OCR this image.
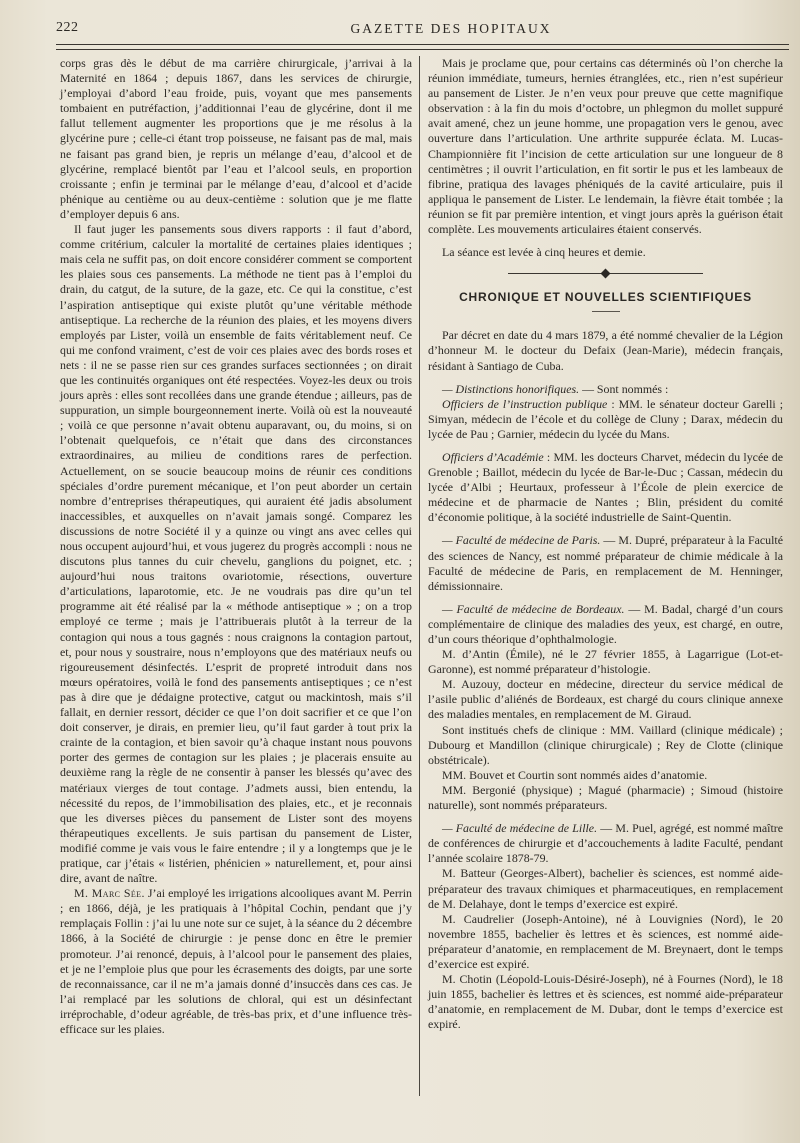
222	GAZETTE DES HOPITAUX

corps gras dès le début de ma carrière chirurgicale, j’arrivai à la Maternité en 1864 ; depuis 1867, dans les services de chirurgie, j’employai d’abord l’eau froide, puis, voyant que mes pansements tombaient en putréfaction, j’additionnai l’eau de glycérine, dont il me fallut tellement augmenter les proportions que je me résolus à la glycérine pure ; celle-ci étant trop poisseuse, ne faisant pas de mal, mais ne faisant pas grand bien, je repris un mélange d’eau, d’alcool et de glycérine, remplacé bientôt par l’eau et l’alcool seuls, en proportion croissante ; enfin je terminai par le mélange d’eau, d’alcool et d’acide phénique au centième ou au deux-centième : solution que je me flatte d’employer depuis 6 ans.

Il faut juger les pansements sous divers rapports : il faut d’abord, comme critérium, calculer la mortalité de certaines plaies identiques ; mais cela ne suffit pas, on doit encore considérer comment se comportent les plaies sous ces pansements. La méthode ne tient pas à l’emploi du drain, du catgut, de la suture, de la gaze, etc. Ce qui la constitue, c’est l’aspiration antiseptique qui existe plutôt qu’une véritable méthode antiseptique. La recherche de la réunion des plaies, et les moyens divers employés par Lister, voilà un ensemble de faits véritablement neuf. Ce qui me confond vraiment, c’est de voir ces plaies avec des bords roses et nets : il ne se passe rien sur ces grandes surfaces sectionnées ; on dirait que les continuités organiques ont été respectées. Voyez-les deux ou trois jours après : elles sont recollées dans une grande étendue ; ailleurs, pas de suppuration, un simple bourgeonnement inerte. Voilà où est la nouveauté ; voilà ce que personne n’avait obtenu auparavant, ou, du moins, si on l’obtenait quelquefois, ce n’était que dans des circonstances extraordinaires, au milieu de conditions rares de perfection. Actuellement, on se soucie beaucoup moins de réunir ces conditions spéciales d’ordre purement mécanique, et l’on peut aborder un certain nombre d’entreprises thérapeutiques, qui auraient été jadis absolument inaccessibles, et auxquelles on n’avait jamais songé. Comparez les discussions de notre Société il y a quinze ou vingt ans avec celles qui nous occupent aujourd’hui, et vous jugerez du progrès accompli : nous ne discutons plus tannes du cuir chevelu, ganglions du poignet, etc. ; aujourd’hui nous traitons ovariotomie, résections, ouverture d’articulations, laparotomie, etc. Je ne voudrais pas dire qu’un tel programme ait été réalisé par la « méthode antiseptique » ; on a trop employé ce terme ; mais je l’attribuerais plutôt à la terreur de la contagion qui nous a tous gagnés : nous craignons la contagion partout, et, pour nous y soustraire, nous n’employons que des matériaux neufs ou rigoureusement désinfectés. L’esprit de propreté introduit dans nos mœurs opératoires, voilà le fond des pansements antiseptiques ; ce n’est pas à dire que je dédaigne protective, catgut ou mackintosh, mais s’il fallait, en dernier ressort, décider ce que l’on doit sacrifier et ce que l’on doit conserver, je dirais, en premier lieu, qu’il faut garder à tout prix la crainte de la contagion, et bien savoir qu’à chaque instant nous pouvons porter des germes de contagion sur les plaies ; je placerais ensuite au deuxième rang la règle de ne consentir à panser les blessés qu’avec des matériaux vierges de tout contage. J’admets aussi, bien entendu, la nécessité du repos, de l’immobilisation des plaies, etc., et je reconnais que les diverses pièces du pansement de Lister sont des moyens thérapeutiques excellents. Je suis partisan du pansement de Lister, modifié comme je vais vous le faire entendre ; il y a longtemps que je le pratique, car j’étais « listérien, phénicien » naturellement, et, pour ainsi dire, avant de naître.

M. Marc Sée. J’ai employé les irrigations alcooliques avant M. Perrin ; en 1866, déjà, je les pratiquais à l’hôpital Cochin, pendant que j’y remplaçais Follin : j’ai lu une note sur ce sujet, à la séance du 2 décembre 1866, à la Société de chirurgie : je pense donc en être le premier promoteur. J’ai renoncé, depuis, à l’alcool pour le pansement des plaies, et je ne l’emploie plus que pour les écrasements des doigts, par une sorte de reconnaissance, car il ne m’a jamais donné d’insuccès dans ces cas. Je l’ai remplacé par les solutions de chloral, qui est un désinfectant irréprochable, d’odeur agréable, de très-bas prix, et d’une influence très-efficace sur les plaies.

Mais je proclame que, pour certains cas déterminés où l’on cherche la réunion immédiate, tumeurs, hernies étranglées, etc., rien n’est supérieur au pansement de Lister. Je n’en veux pour preuve que cette magnifique observation : à la fin du mois d’octobre, un phlegmon du mollet suppuré avait amené, chez un jeune homme, une propagation vers le genou, avec ouverture dans l’articulation. Une arthrite suppurée éclata. M. Lucas-Championnière fit l’incision de cette articulation sur une longueur de 8 centimètres ; il ouvrit l’articulation, en fit sortir le pus et les lambeaux de fibrine, pratiqua des lavages phéniqués de la cavité articulaire, puis il appliqua le pansement de Lister. Le lendemain, la fièvre était tombée ; la réunion se fit par première intention, et vingt jours après la guérison était complète. Les mouvements articulaires étaient conservés.

La séance est levée à cinq heures et demie.

CHRONIQUE ET NOUVELLES SCIENTIFIQUES

Par décret en date du 4 mars 1879, a été nommé chevalier de la Légion d’honneur M. le docteur du Defaix (Jean-Marie), médecin français, résidant à Santiago de Cuba.

— Distinctions honorifiques. — Sont nommés :

Officiers de l’instruction publique : MM. le sénateur docteur Garelli ; Simyan, médecin de l’école et du collège de Cluny ; Darax, médecin du lycée de Pau ; Garnier, médecin du lycée du Mans.

Officiers d’Académie : MM. les docteurs Charvet, médecin du lycée de Grenoble ; Baillot, médecin du lycée de Bar-le-Duc ; Cassan, médecin du lycée d’Albi ; Heurtaux, professeur à l’École de plein exercice de médecine et de pharmacie de Nantes ; Blin, président du comité d’économie politique, à la société industrielle de Saint-Quentin.

— Faculté de médecine de Paris. — M. Dupré, préparateur à la Faculté des sciences de Nancy, est nommé préparateur de chimie médicale à la Faculté de médecine de Paris, en remplacement de M. Henninger, démissionnaire.

— Faculté de médecine de Bordeaux. — M. Badal, chargé d’un cours complémentaire de clinique des maladies des yeux, est chargé, en outre, d’un cours théorique d’ophthalmologie.

M. d’Antin (Émile), né le 27 février 1855, à Lagarrigue (Lot-et-Garonne), est nommé préparateur d’histologie.

M. Auzouy, docteur en médecine, directeur du service médical de l’asile public d’aliénés de Bordeaux, est chargé du cours clinique annexe des maladies mentales, en remplacement de M. Giraud.

Sont institués chefs de clinique : MM. Vaillard (clinique médicale) ; Dubourg et Mandillon (clinique chirurgicale) ; Rey de Clotte (clinique obstétricale).

MM. Bouvet et Courtin sont nommés aides d’anatomie.

MM. Bergonié (physique) ; Magué (pharmacie) ; Simoud (histoire naturelle), sont nommés préparateurs.

— Faculté de médecine de Lille. — M. Puel, agrégé, est nommé maître de conférences de chirurgie et d’accouchements à ladite Faculté, pendant l’année scolaire 1878-79.

M. Batteur (Georges-Albert), bachelier ès sciences, est nommé aide-préparateur des travaux chimiques et pharmaceutiques, en remplacement de M. Delahaye, dont le temps d’exercice est expiré.

M. Caudrelier (Joseph-Antoine), né à Louvignies (Nord), le 20 novembre 1855, bachelier ès lettres et ès sciences, est nommé aide-préparateur d’anatomie, en remplacement de M. Breynaert, dont le temps d’exercice est expiré.

M. Chotin (Léopold-Louis-Désiré-Joseph), né à Fournes (Nord), le 18 juin 1855, bachelier ès lettres et ès sciences, est nommé aide-préparateur d’anatomie, en remplacement de M. Dubar, dont le temps d’exercice est expiré.
